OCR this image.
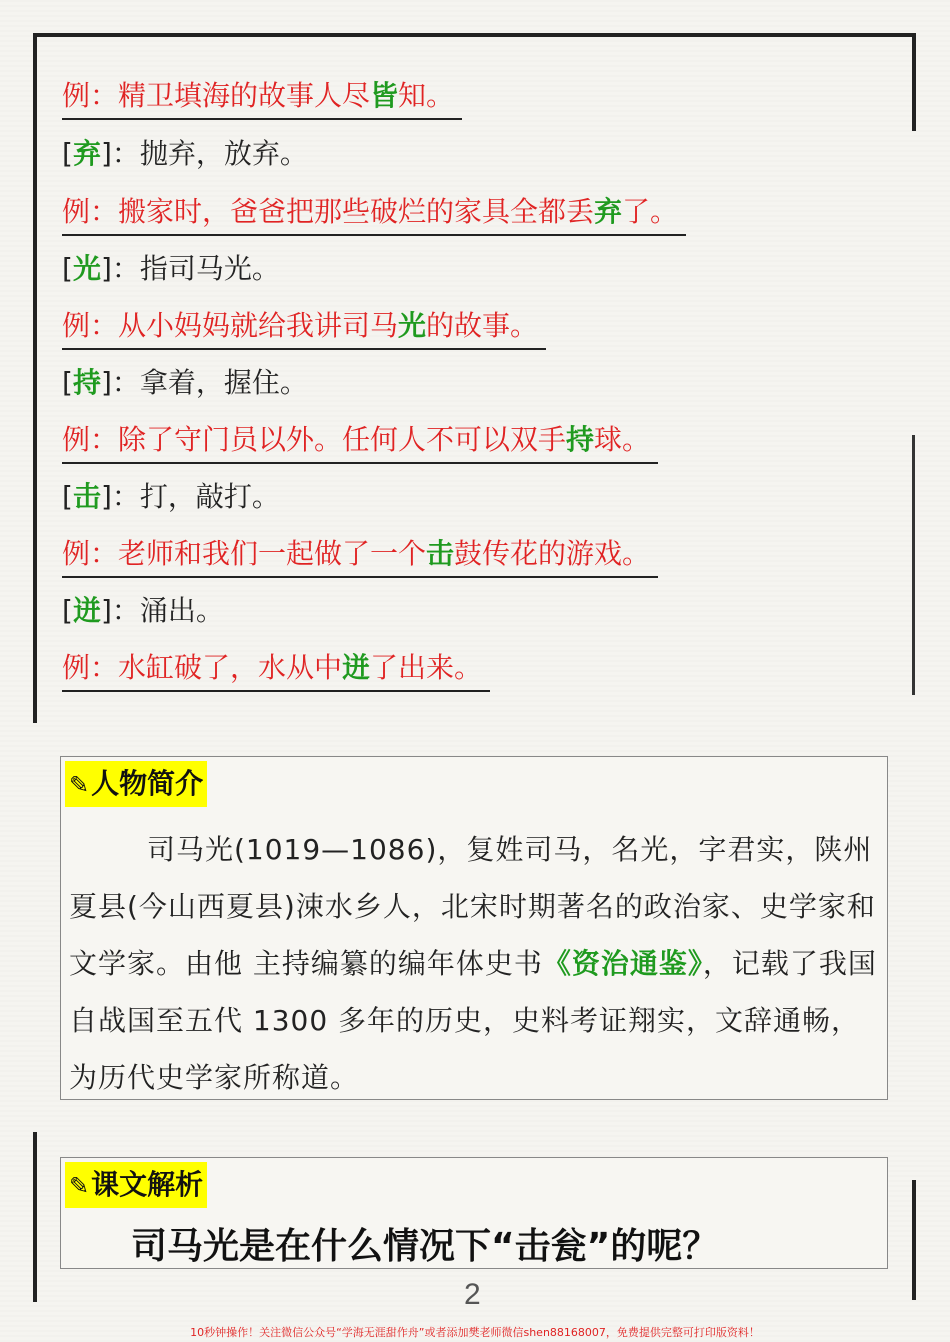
例：精卫填海的故事人尽皆知。
[弃]：抛弃，放弃。
例：搬家时，爸爸把那些破烂的家具全都丢弃了。
[光]：指司马光。
例：从小妈妈就给我讲司马光的故事。
[持]：拿着，握住。
例：除了守门员以外。任何人不可以双手持球。
[击]：打，敲打。
例：老师和我们一起做了一个击鼓传花的游戏。
[迸]：涌出。
例：水缸破了，水从中迸了出来。
✎人物简介
司马光(1019—1086)，复姓司马，名光，字君实，陕州夏县(今山西夏县)涑水乡人，北宋时期著名的政治家、史学家和文学家。由他 主持编纂的编年体史书《资治通鉴》，记载了我国自战国至五代 1300 多年的历史，史料考证翔实，文辞通畅，为历代史学家所称道。
✎课文解析
司马光是在什么情况下“击瓮”的呢？
2
10秒钟操作！关注微信公众号“学海无涯甜作舟”或者添加樊老师微信shen88168007，免费提供完整可打印版资料！
